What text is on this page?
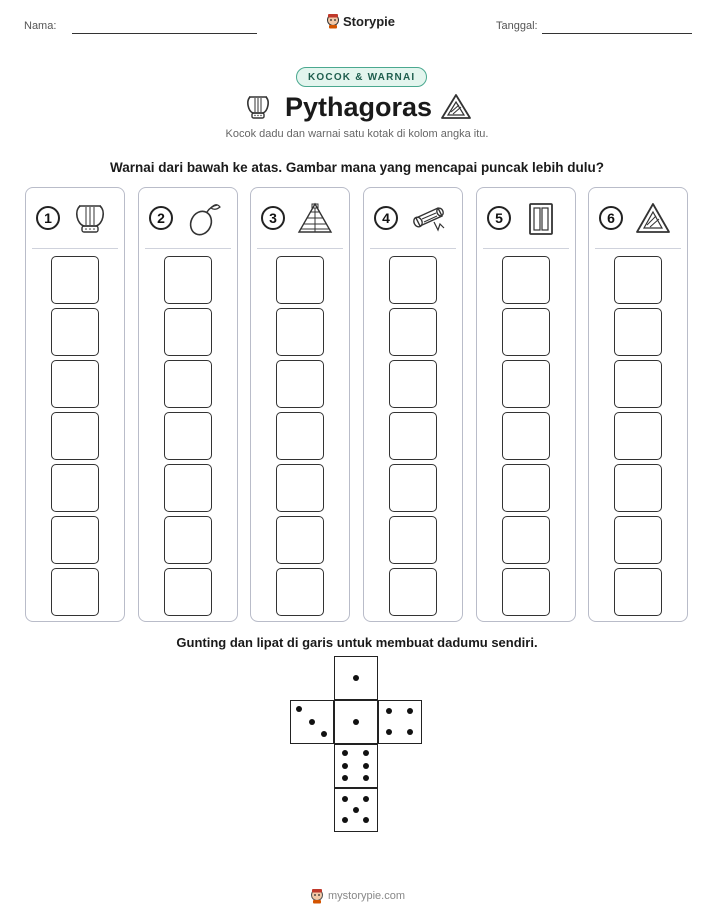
Nama:	Storypie	Tanggal:
KOCOK & WARNAI
Pythagoras
Kocok dadu dan warnai satu kotak di kolom angka itu.
Warnai dari bawah ke atas. Gambar mana yang mencapai puncak lebih dulu?
1	2	3	4	5	6
Gunting dan lipat di garis untuk membuat dadumu sendiri.
mystorypie.com
